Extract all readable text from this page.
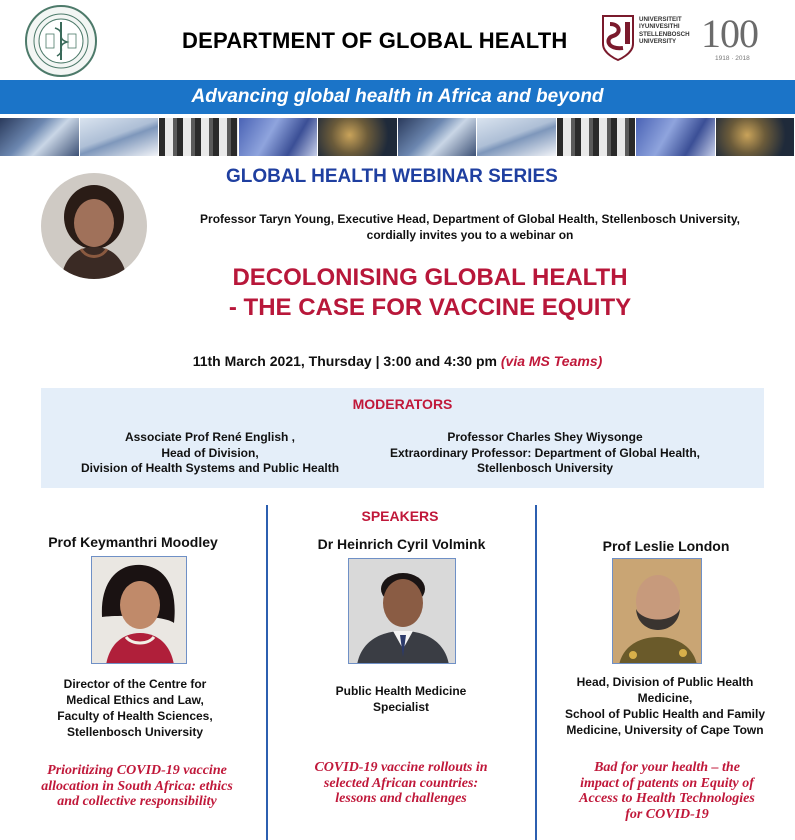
DEPARTMENT OF GLOBAL HEALTH
UNIVERSITEIT
IYUNIVESITHI
STELLENBOSCH
UNIVERSITY 100
1918 · 2018
Advancing global health in Africa and beyond
GLOBAL HEALTH WEBINAR SERIES
Professor Taryn Young, Executive Head, Department of Global Health, Stellenbosch University,
cordially invites you to a webinar on
DECOLONISING GLOBAL HEALTH
- THE CASE FOR VACCINE EQUITY
11th March 2021, Thursday | 3:00 and 4:30 pm (via MS Teams)
MODERATORS
Associate Prof René English ,
Head of Division,
Division of Health Systems and Public Health
Professor Charles Shey Wiysonge
Extraordinary Professor: Department of Global Health,
Stellenbosch University
SPEAKERS
Prof Keymanthri Moodley
Director of the Centre for
Medical Ethics and Law,
Faculty of Health Sciences,
Stellenbosch University
Prioritizing COVID-19 vaccine
allocation in South Africa: ethics
and collective responsibility
Dr Heinrich Cyril Volmink
Public Health Medicine
Specialist
COVID-19 vaccine rollouts in
selected African countries:
lessons and challenges
Prof Leslie London
Head, Division of Public Health
Medicine,
School of Public Health and Family
Medicine, University of Cape Town
Bad for your health – the
impact of patents on Equity of
Access to Health Technologies
for COVID-19
